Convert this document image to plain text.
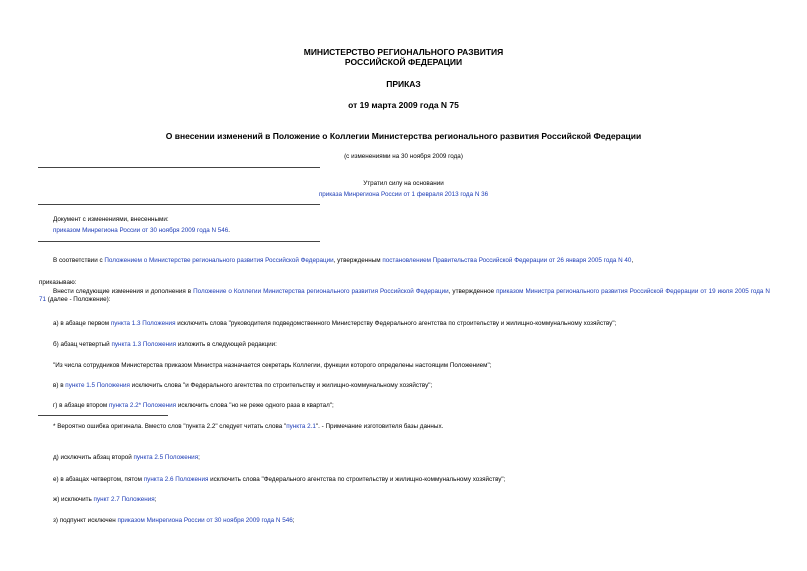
МИНИСТЕРСТВО РЕГИОНАЛЬНОГО РАЗВИТИЯ
РОССИЙСКОЙ ФЕДЕРАЦИИ
ПРИКАЗ
от 19 марта 2009 года N 75
О внесении изменений в Положение о Коллегии Министерства регионального развития Российской Федерации
(с изменениями на 30 ноября 2009 года)
Утратил силу на основании
приказа Минрегиона России от 1 февраля 2013 года N 36
Документ с изменениями, внесенными:
приказом Минрегиона России от 30 ноября 2009 года N 546.
В соответствии с Положением о Министерстве регионального развития Российской Федерации, утвержденным постановлением Правительства Российской Федерации от 26 января 2005 года N 40,
приказываю:
Внести следующие изменения и дополнения в Положение о Коллегии Министерства регионального развития Российской Федерации, утвержденное приказом Министра регионального развития Российской Федерации от 19 июля 2005 года N 71 (далее - Положение):
а) в абзаце первом пункта 1.3 Положения исключить слова "руководителя подведомственного Министерству Федерального агентства по строительству и жилищно-коммунальному хозяйству";
б) абзац четвертый пункта 1.3 Положения изложить в следующей редакции:
"Из числа сотрудников Министерства приказом Министра назначается секретарь Коллегии, функции которого определены настоящим Положением";
в) в пункте 1.5 Положения исключить слова "и Федерального агентства по строительству и жилищно-коммунальному хозяйству";
г) в абзаце втором пункта 2.2* Положения исключить слова "но не реже одного раза в квартал";
* Вероятно ошибка оригинала. Вместо слов "пункта 2.2" следует читать слова "пункта 2.1". - Примечание изготовителя базы данных.
д) исключить абзац второй пункта 2.5 Положения;
е) в абзацах четвертом, пятом пункта 2.6 Положения исключить слова "Федерального агентства по строительству и жилищно-коммунальному хозяйству";
ж) исключить пункт 2.7 Положения;
з) подпункт исключен приказом Минрегиона России от 30 ноября 2009 года N 546;
